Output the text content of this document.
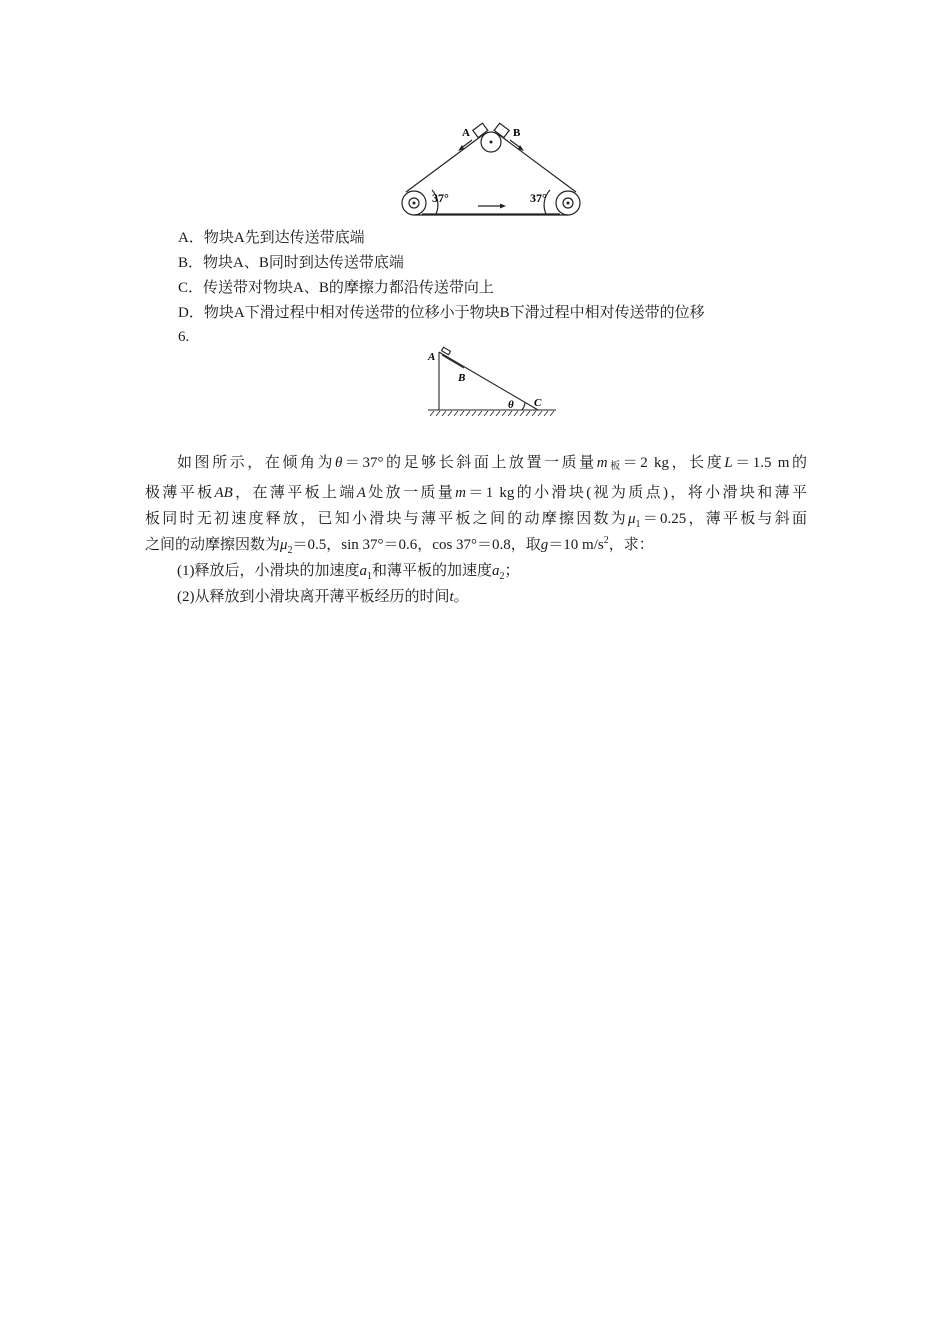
A	B
37°	37°
A．物块A先到达传送带底端
B．物块A、B同时到达传送带底端
C．传送带对物块A、B的摩擦力都沿传送带向上
D．物块A下滑过程中相对传送带的位移小于物块B下滑过程中相对传送带的位移
6.
A
B
C
θ

如图所示，在倾角为θ＝37°的足够长斜面上放置一质量m板＝2 kg，长度L＝1.5 m的

极薄平板AB，在薄平板上端A处放一质量m＝1 kg的小滑块(视为质点)，将小滑块和薄平

板同时无初速度释放，已知小滑块与薄平板之间的动摩擦因数为$\mu_1=0.25$，薄平板与斜面

之间的动摩擦因数为$\mu_2=0.5$，sin 37°＝0.6，cos 37°＝0.8，取g＝10 $m/s^2$，求：

(1)释放后，小滑块的加速度$a_1$和薄平板的加速度$a_2$；

(2)从释放到小滑块离开薄平板经历的时间t。
